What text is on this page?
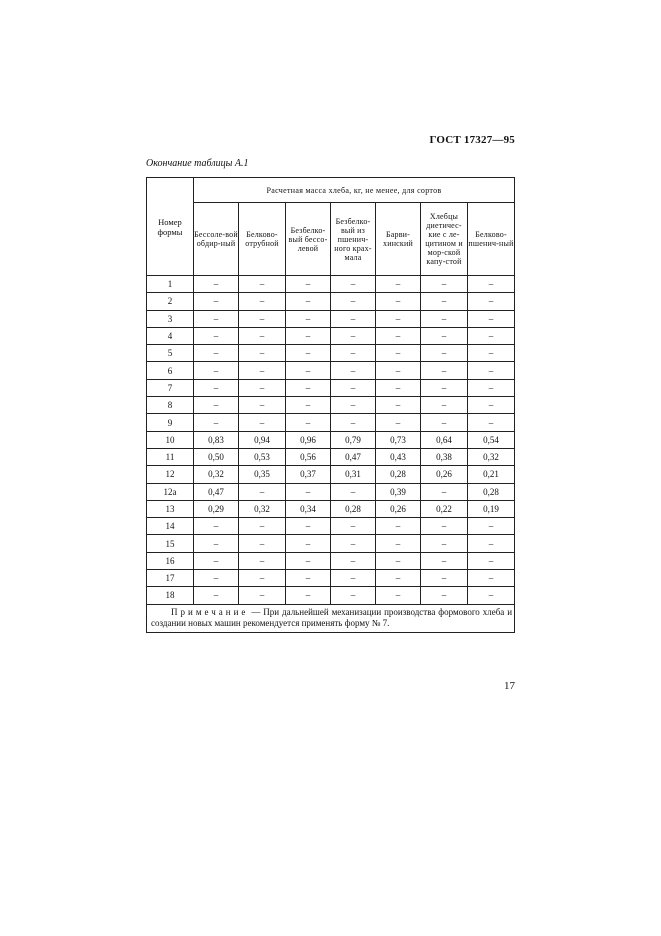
ГОСТ 17327—95
Окончание таблицы А.1
Номер формы	Расчетная масса хлеба, кг, не менее, для сортов						
	Бессоле-вой обдир-ный	Белково-отрубной	Безбелко-вый бессо-левой	Безбелко-вый из пшенич-ного крах-мала	Барви-хинский	Хлебцы диетичес-кие с ле-цитином и мор-ской капу-стой	Белково-пшенич-ный
1	–	–	–	–	–	–	–
2	–	–	–	–	–	–	–
3	–	–	–	–	–	–	–
4	–	–	–	–	–	–	–
5	–	–	–	–	–	–	–
6	–	–	–	–	–	–	–
7	–	–	–	–	–	–	–
8	–	–	–	–	–	–	–
9	–	–	–	–	–	–	–
10	0,83	0,94	0,96	0,79	0,73	0,64	0,54
11	0,50	0,53	0,56	0,47	0,43	0,38	0,32
12	0,32	0,35	0,37	0,31	0,28	0,26	0,21
12а	0,47	–	–	–	0,39	–	0,28
13	0,29	0,32	0,34	0,28	0,26	0,22	0,19
14	–	–	–	–	–	–	–
15	–	–	–	–	–	–	–
16	–	–	–	–	–	–	–
17	–	–	–	–	–	–	–
18	–	–	–	–	–	–	–
Примечание — При дальнейшей механизации производства формового хлеба и создании новых машин рекомендуется применять форму № 7.							
17
